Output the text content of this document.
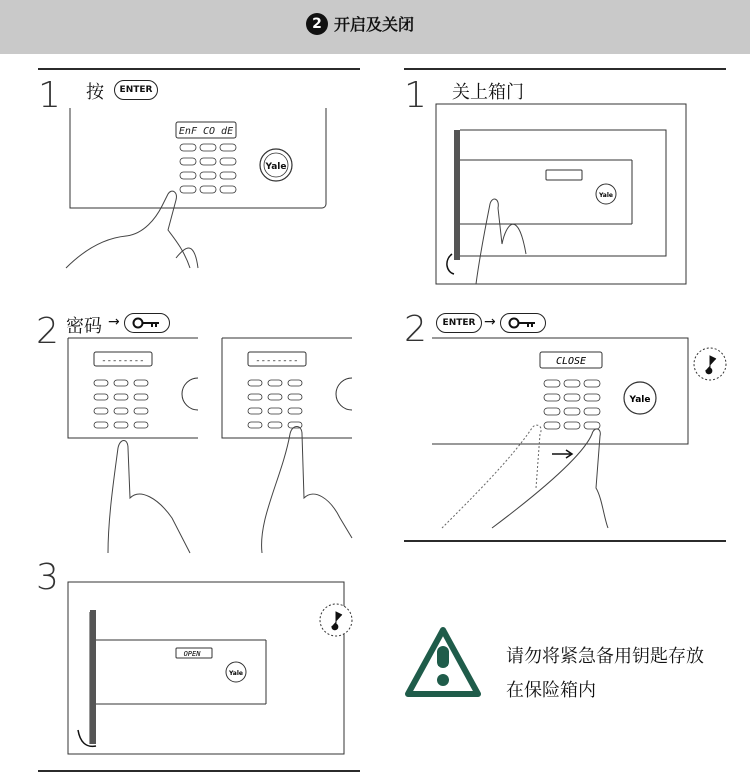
2 开启及关闭
1 按	ENTER
EnF CO dE
Yale
2 密码 →
--------	--------
3
OPEN
Yale
1 关上箱门
Yale
2	ENTER →
CLOSE
Yale
请勿将紧急备用钥匙存放
在保险箱内
